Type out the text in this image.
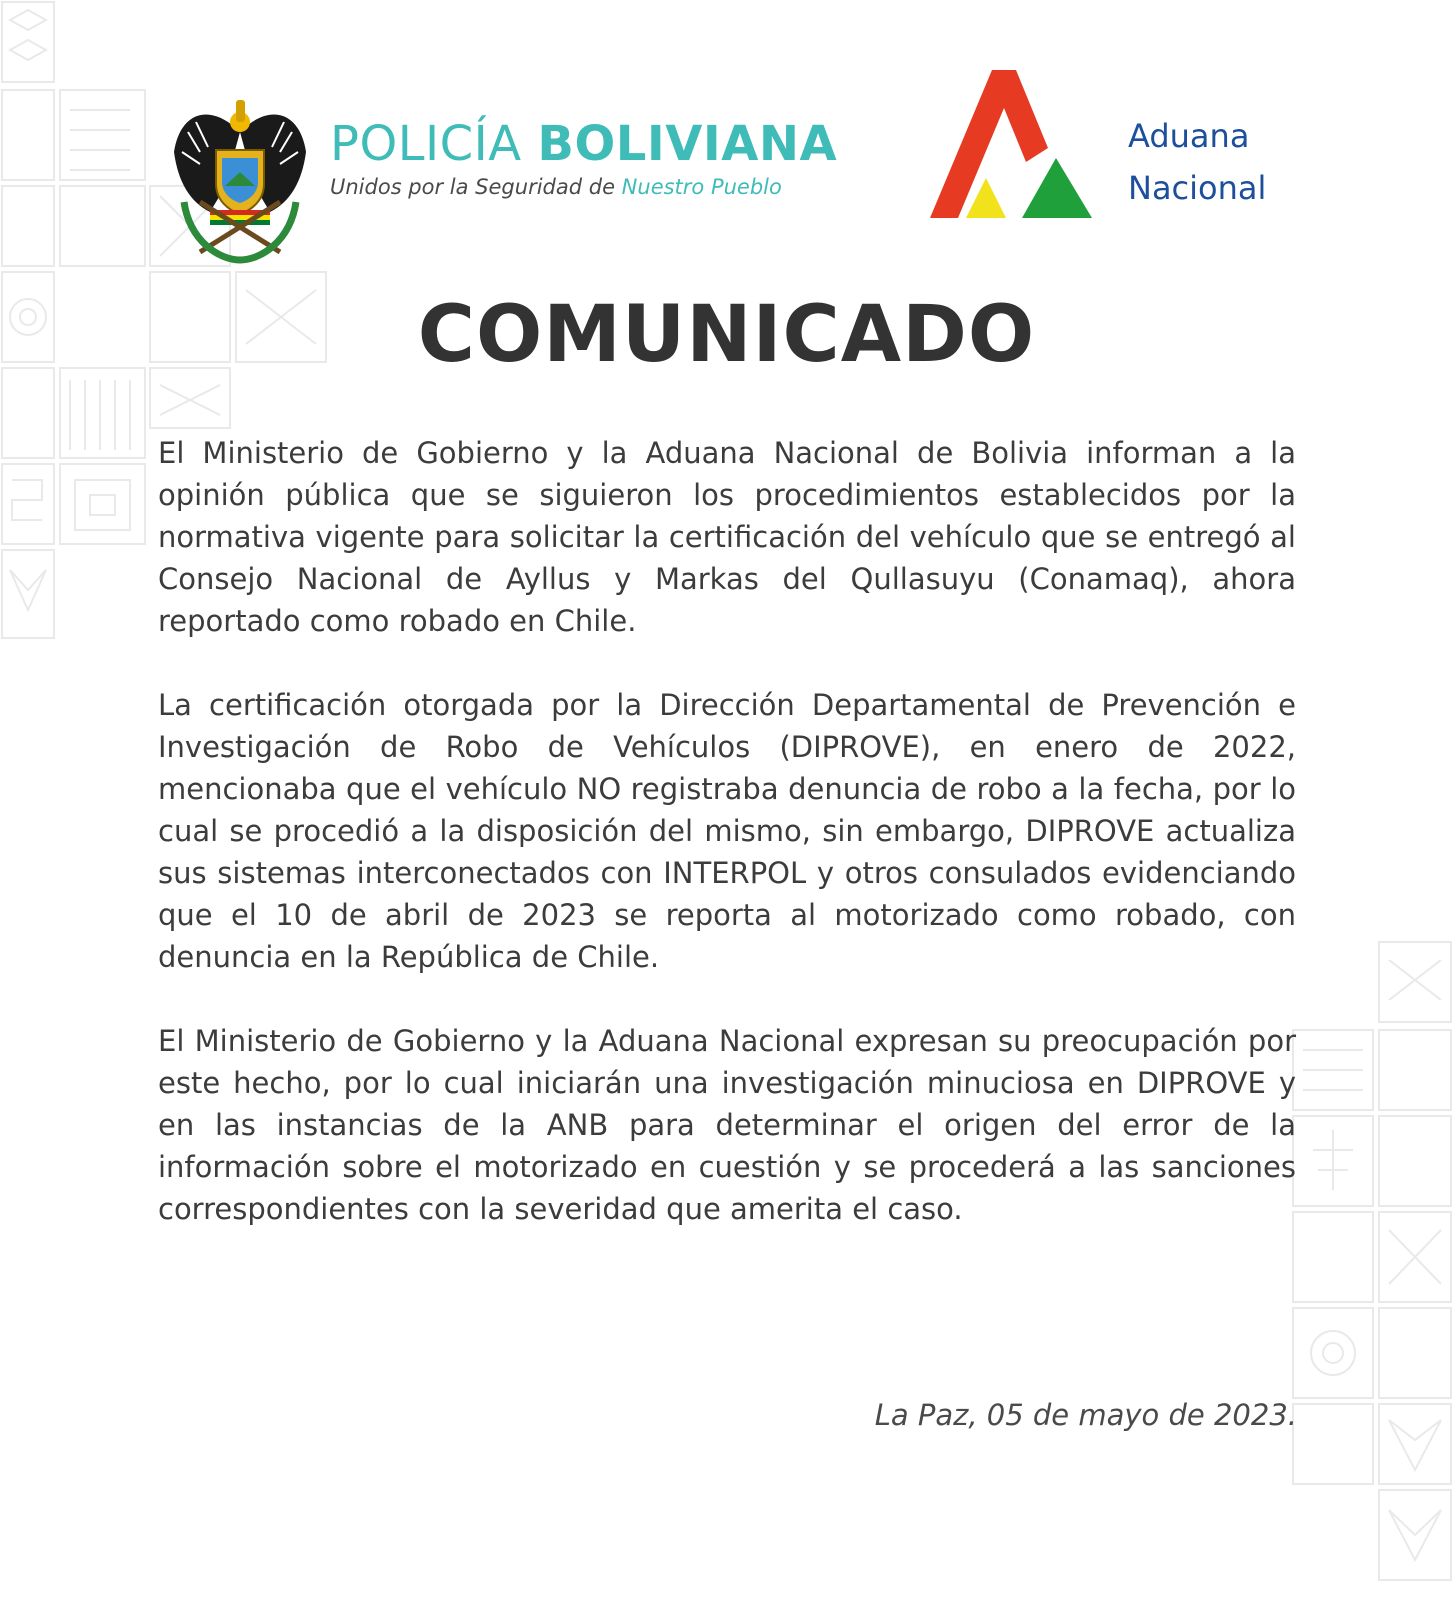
POLICÍA BOLIVIANA
Unidos por la Seguridad de Nuestro Pueblo
Aduana
Nacional
COMUNICADO

El Ministerio de Gobierno y la Aduana Nacional de Bolivia informan a la opinión pública que se siguieron los procedimientos establecidos por la normativa vigente para solicitar la certificación del vehículo que se entregó al Consejo Nacional de Ayllus y Markas del Qullasuyu (Conamaq), ahora reportado como robado en Chile.

La certificación otorgada por la Dirección Departamental de Prevención e Investigación de Robo de Vehículos (DIPROVE), en enero de 2022, mencionaba que el vehículo NO registraba denuncia de robo a la fecha, por lo cual se procedió a la disposición del mismo, sin embargo, DIPROVE actualiza sus sistemas interconectados con INTERPOL y otros consulados evidenciando que el 10 de abril de 2023 se reporta al motorizado como robado, con denuncia en la República de Chile.

El Ministerio de Gobierno y la Aduana Nacional expresan su preocupación por este hecho, por lo cual iniciarán una investigación minuciosa en DIPROVE y en las instancias de la ANB para determinar el origen del error de la información sobre el motorizado en cuestión y se procederá a las sanciones correspondientes con la severidad que amerita el caso.

La Paz, 05 de mayo de 2023.
